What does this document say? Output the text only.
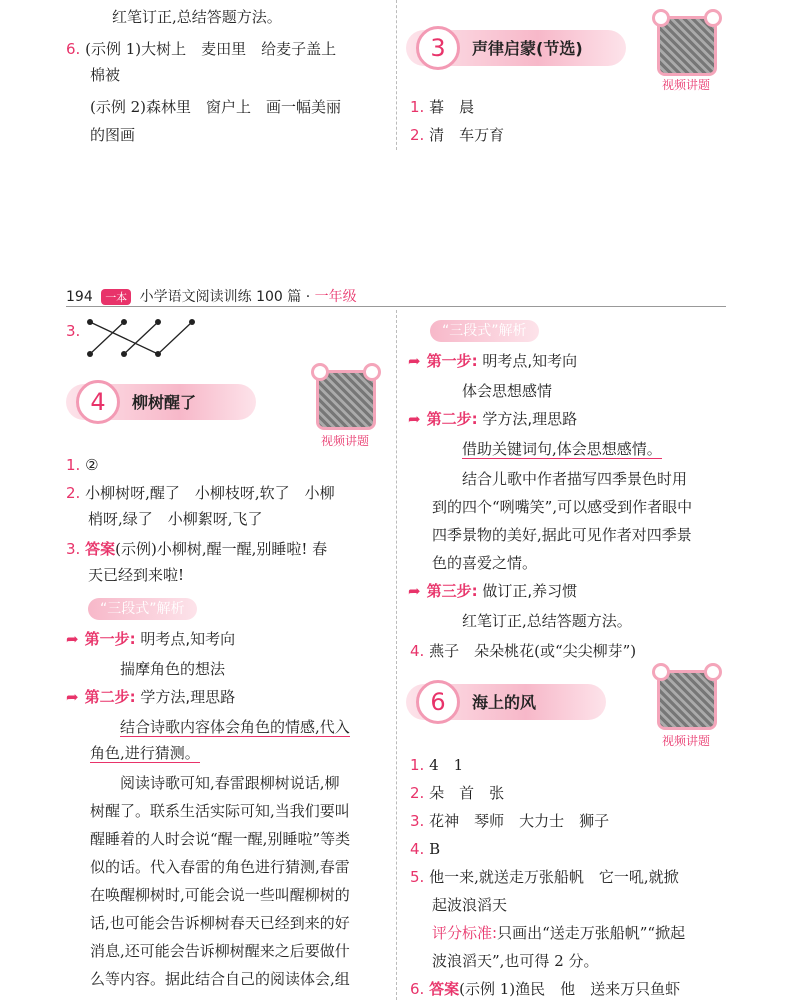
红笔订正,总结答题方法。
6. (示例 1)大树上　麦田里　给麦子盖上
棉被
(示例 2)森林里　窗户上　画一幅美丽
的图画
3	声律启蒙(节选)
视频讲题
1. 暮　晨
2. 清　车万育
194 一本 小学语文阅读训练 100 篇 · 一年级
3.
4	柳树醒了
视频讲题
1. ②
2. 小柳树呀,醒了　小柳枝呀,软了　小柳
梢呀,绿了　小柳絮呀,飞了
3. 答案(示例)小柳树,醒一醒,别睡啦! 春
天已经到来啦!
“三段式”解析
➦ 第一步: 明考点,知考向
揣摩角色的想法
➦ 第二步: 学方法,理思路
结合诗歌内容体会角色的情感,代入
角色,进行猜测。
阅读诗歌可知,春雷跟柳树说话,柳
树醒了。联系生活实际可知,当我们要叫
醒睡着的人时会说“醒一醒,别睡啦”等类
似的话。代入春雷的角色进行猜测,春雷
在唤醒柳树时,可能会说一些叫醒柳树的
话,也可能会告诉柳树春天已经到来的好
消息,还可能会告诉柳树醒来之后要做什
么等内容。据此结合自己的阅读体会,组
“三段式”解析
➦ 第一步: 明考点,知考向
体会思想感情
➦ 第二步: 学方法,理思路
借助关键词句,体会思想感情。
结合儿歌中作者描写四季景色时用
到的四个“咧嘴笑”,可以感受到作者眼中
四季景物的美好,据此可见作者对四季景
色的喜爱之情。
➦ 第三步: 做订正,养习惯
红笔订正,总结答题方法。
4. 燕子　朵朵桃花(或“尖尖柳芽”)
6	海上的风
视频讲题
1. 4　1
2. 朵　首　张
3. 花神　琴师　大力士　狮子
4. B
5. 他一来,就送走万张船帆　它一吼,就掀
起波浪滔天
评分标准:只画出“送走万张船帆”“掀起
波浪滔天”,也可得 2 分。
6. 答案(示例 1)渔民　他　送来万只鱼虾
